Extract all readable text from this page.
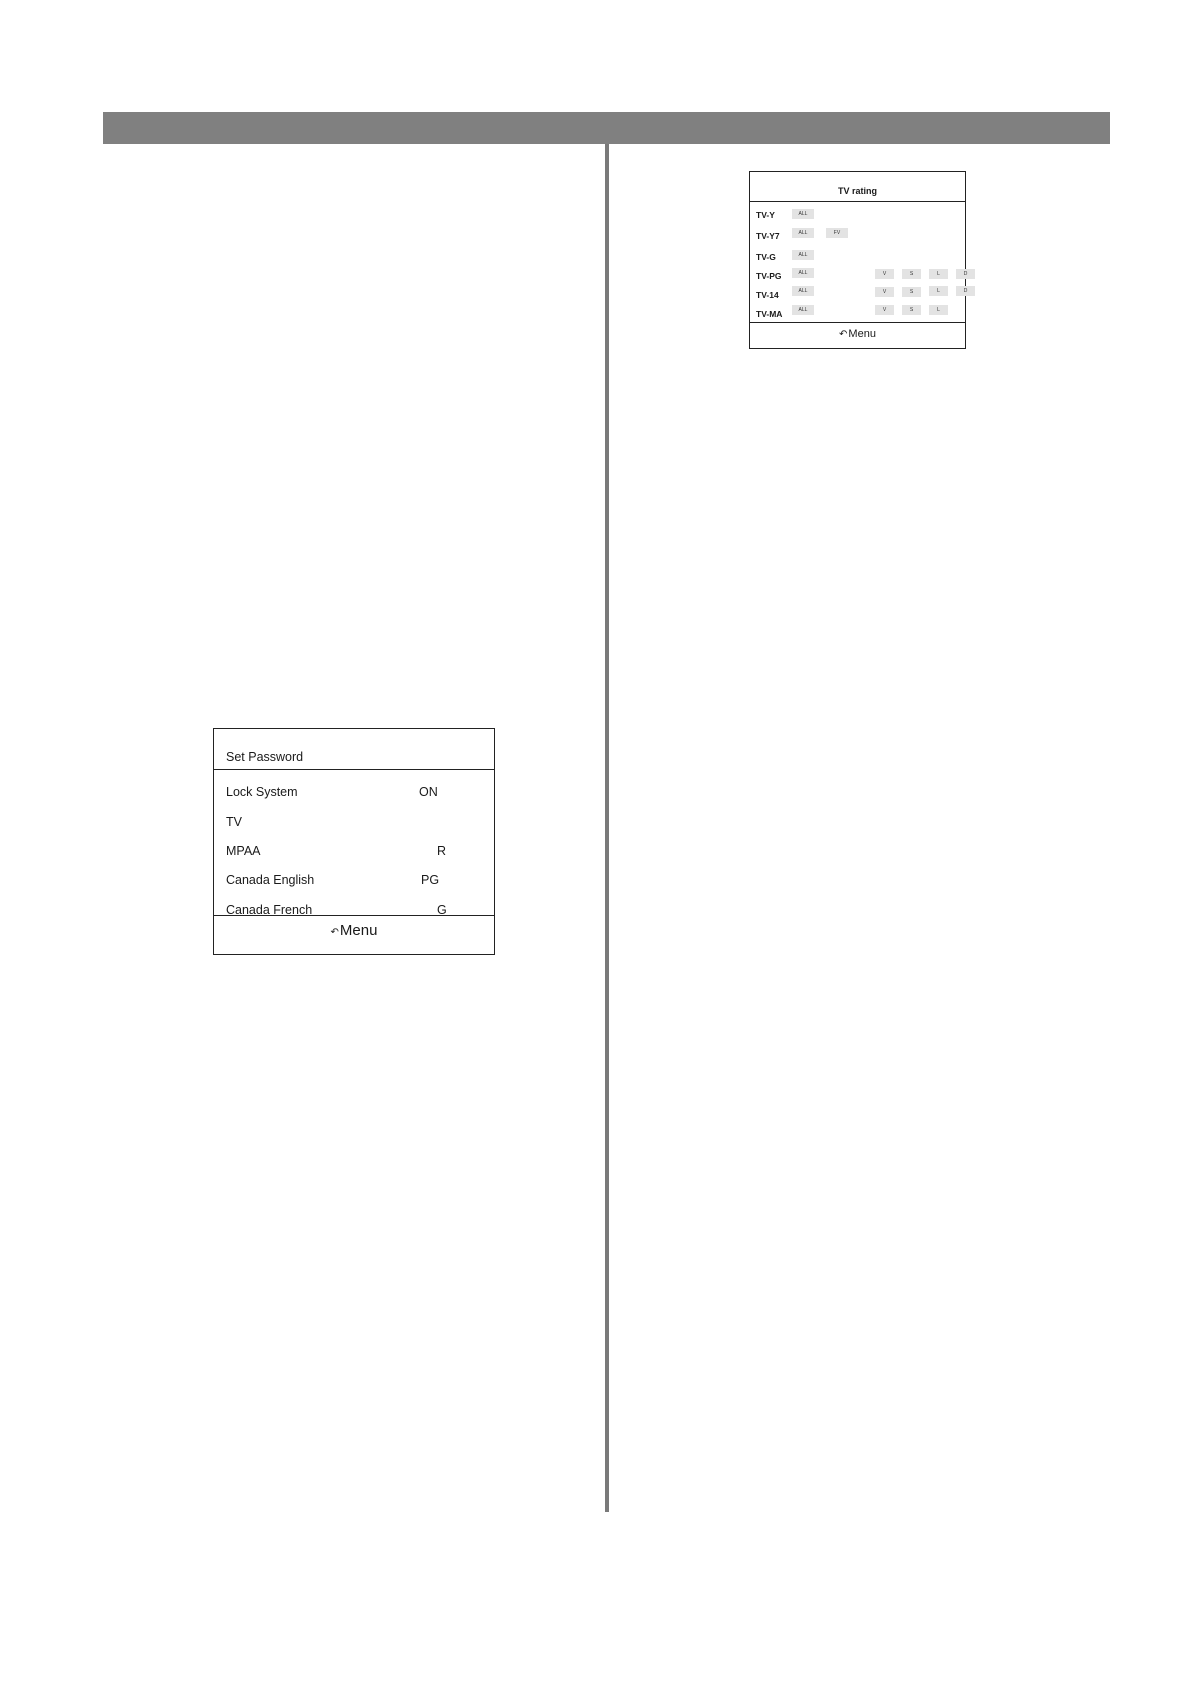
TV rating
TV-Y	ALL
TV-Y7	ALL	FV
TV-G	ALL
TV-PG	ALL	V	S	L	D
TV-14	ALL	V	S	L	D
TV-MA	ALL	V	S	L
↶Menu
Set Password
Lock System	ON
TV
MPAA	R
Canada English	PG
Canada French	G
↶Menu
